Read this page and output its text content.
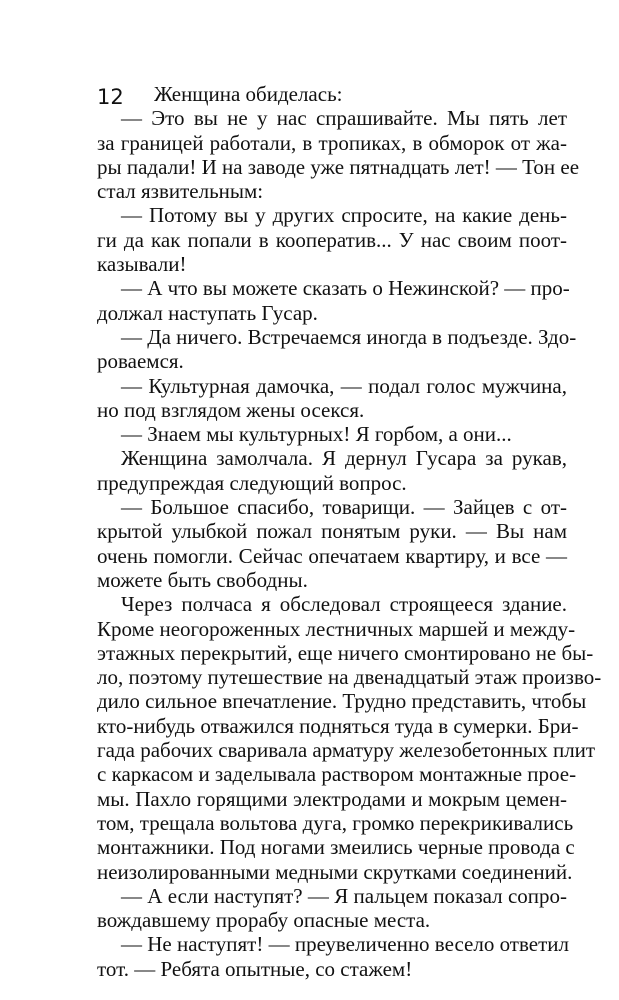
12	Женщина обиделась:
— Это вы не у нас спрашивайте. Мы пять лет
за границей работали, в тропиках, в обморок от жа-
ры падали! И на заводе уже пятнадцать лет! — Тон ее
стал язвительным:
— Потому вы у других спросите, на какие день-
ги да как попали в кооператив... У нас своим поот-
казывали!
— А что вы можете сказать о Нежинской? — про-
должал наступать Гусар.
— Да ничего. Встречаемся иногда в подъезде. Здо-
роваемся.
— Культурная дамочка, — подал голос мужчина,
но под взглядом жены осекся.
— Знаем мы культурных! Я горбом, а они...
Женщина замолчала. Я дернул Гусара за рукав,
предупреждая следующий вопрос.
— Большое спасибо, товарищи. — Зайцев с от-
крытой улыбкой пожал понятым руки. — Вы нам
очень помогли. Сейчас опечатаем квартиру, и все —
можете быть свободны.
Через полчаса я обследовал строящееся здание.
Кроме неогороженных лестничных маршей и между-
этажных перекрытий, еще ничего смонтировано не бы-
ло, поэтому путешествие на двенадцатый этаж произво-
дило сильное впечатление. Трудно представить, чтобы
кто-нибудь отважился подняться туда в сумерки. Бри-
гада рабочих сваривала арматуру железобетонных плит
с каркасом и заделывала раствором монтажные прое-
мы. Пахло горящими электродами и мокрым цемен-
том, трещала вольтова дуга, громко перекрикивались
монтажники. Под ногами змеились черные провода с
неизолированными медными скрутками соединений.
— А если наступят? — Я пальцем показал сопро-
вождавшему прорабу опасные места.
— Не наступят! — преувеличенно весело ответил
тот. — Ребята опытные, со стажем!
